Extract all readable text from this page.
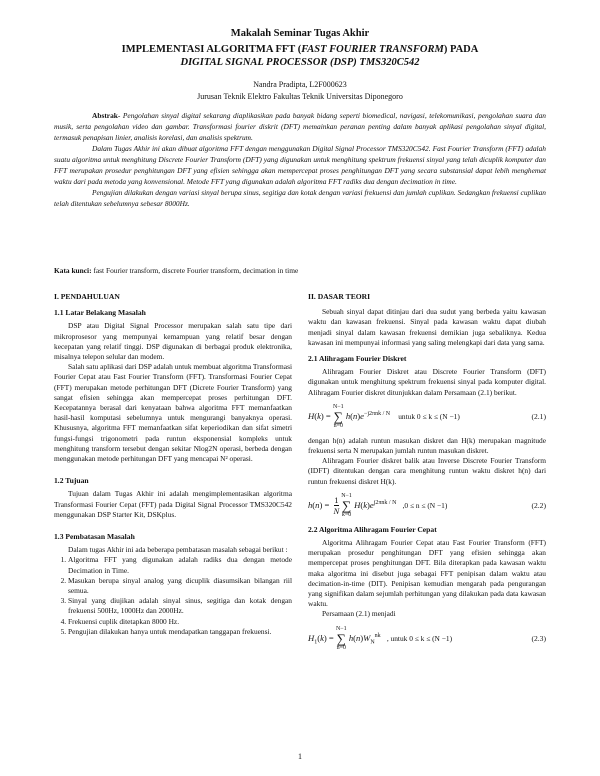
Makalah Seminar Tugas Akhir
IMPLEMENTASI ALGORITMA FFT (FAST FOURIER TRANSFORM) PADA
DIGITAL SIGNAL PROCESSOR (DSP) TMS320C542
Nandra Pradipta, L2F000623
Jurusan Teknik Elektro Fakultas Teknik Universitas Diponegoro

Abstrak- Pengolahan sinyal digital sekarang diaplikasikan pada banyak bidang seperti biomedical, navigasi, telekomunikasi, pengolahan suara dan musik, serta pengolahan video dan gambar. Transformasi fourier diskrit (DFT) memainkan peranan penting dalam banyak aplikasi pengolahan sinyal digital, termasuk penapisan linier, analisis korelasi, dan analisis spektrum.

Dalam Tugas Akhir ini akan dibuat algoritma FFT dengan menggunakan Digital Signal Processor TMS320C542. Fast Fourier Transform (FFT) adalah suatu algoritma untuk menghitung Discrete Fourier Transform (DFT) yang digunakan untuk menghitung spektrum frekuensi sinyal yang telah dicuplik komputer dan FFT merupakan prosedur penghitungan DFT yang efisien sehingga akan mempercepat proses penghitungan DFT yang secara substansial dapat lebih menghemat waktu dari pada metoda yang konvensional. Metode FFT yang digunakan adalah algoritma FFT radiks dua dengan decimation in time.

Pengujian dilakukan dengan variasi sinyal berupa sinus, segitiga dan kotak dengan variasi frekuensi dan jumlah cuplikan. Sedangkan frekuensi cuplikan telah ditentukan sebelumnya sebesar 8000Hz.

Kata kunci: fast Fourier transform, discrete Fourier transform, decimation in time
I. PENDAHULUAN
1.1 Latar Belakang Masalah

DSP atau Digital Signal Processor merupakan salah satu tipe dari mikroprosesor yang mempunyai kemampuan yang relatif besar dengan kecepatan yang relatif tinggi. DSP digunakan di berbagai produk elektronika, misalnya telepon selular dan modem.

Salah satu aplikasi dari DSP adalah untuk membuat algoritma Transformasi Fourier Cepat atau Fast Fourier Transform (FFT). Transformasi Fourier Cepat (FFT) merupakan metode perhitungan DFT (Dicrete Fourier Transform) yang sangat efisien sehingga akan mempercepat proses perhitungan DFT. Kecepatannya berasal dari kenyataan bahwa algoritma FFT memanfaatkan hasil-hasil komputasi sebelumnya untuk mengurangi banyaknya operasi. Khususnya, algoritma FFT memanfaatkan sifat keperiodikan dan sifat simetri fungsi-fungsi trigonometri pada runtun eksponensial kompleks untuk menghitung transform tersebut dengan sekitar Nlog2N operasi, berbeda dengan menggunakan metode perhitungan DFT yang mencapai N² operasi.

1.2 Tujuan

Tujuan dalam Tugas Akhir ini adalah mengimplementasikan algoritma Transformasi Fourier Cepat (FFT) pada Digital Signal Processor TMS320C542 menggunakan DSP Starter Kit, DSKplus.

1.3 Pembatasan Masalah

Dalam tugas Akhir ini ada beberapa pembatasan masalah sebagai berikut :

1. Algoritma FFT yang digunakan adalah radiks dua dengan metode Decimation in Time.
2. Masukan berupa sinyal analog yang dicuplik diasumsikan bilangan riil semua.
3. Sinyal yang diujikan adalah sinyal sinus, segitiga dan kotak dengan frekuensi 500Hz, 1000Hz dan 2000Hz.
4. Frekuensi cuplik ditetapkan 8000 Hz.
5. Pengujian dilakukan hanya untuk mendapatkan tanggapan frekuensi.
II. DASAR TEORI

Sebuah sinyal dapat ditinjau dari dua sudut yang berbeda yaitu kawasan waktu dan kawasan frekuensi. Sinyal pada kawasan waktu dapat diubah menjadi sinyal dalam kawasan frekuensi demikian juga sebaliknya. Kedua kawasan ini mempunyai informasi yang saling melengkapi dari data yang sama.

2.1 Alihragam Fourier Diskret

Alihragam Fourier Diskret atau Discrete Fourier Transform (DFT) digunakan untuk menghitung spektrum frekuensi sinyal pada komputer digital. Alihragam Fourier diskret ditunjukkan dalam Persamaan (2.1) berikut.

H(k) =
N−1
∑
n=0
$h(n)e^{-j2\pi nk / N}$ untuk 0 ≤ k ≤ (N −1)	(2.1)

dengan h(n) adalah runtun masukan diskret dan H(k) merupakan magnitude frekuensi serta N merupakan jumlah runtun masukan diskret.

Alihragam Fourier diskret balik atau Inverse Discrete Fourier Transform (IDFT) ditentukan dengan cara menghitung runtun waktu diskret h(n) dari runtun frekuensi diskret H(k).

$h(n) = \frac{1}{N} N-1$
∑
k=0
$H(k)e^{j2\pi nk / N}$ ,0 ≤ n ≤ (N −1)	(2.2)
2.2 Algoritma Alihragam Fourier Cepat

Algoritma Alihragam Fourier Cepat atau Fast Fourier Transform (FFT) merupakan prosedur penghitungan DFT yang efisien sehingga akan mempercepat proses penghitungan DFT. Bila diterapkan pada kawasan waktu maka algoritma ini disebut juga sebagai FFT penipisan dalam waktu atau decimation-in-time (DIT). Penipisan kemudian mengarah pada pengurangan yang signifikan dalam sejumlah perhitungan yang dilakukan pada data kawasan waktu.

Persamaan (2.1) menjadi

$H_1(k)$ =
N−1
∑
n=0
$h(n)W_N^{nk}$ , untuk 0 ≤ k ≤ (N −1)	(2.3)
1
